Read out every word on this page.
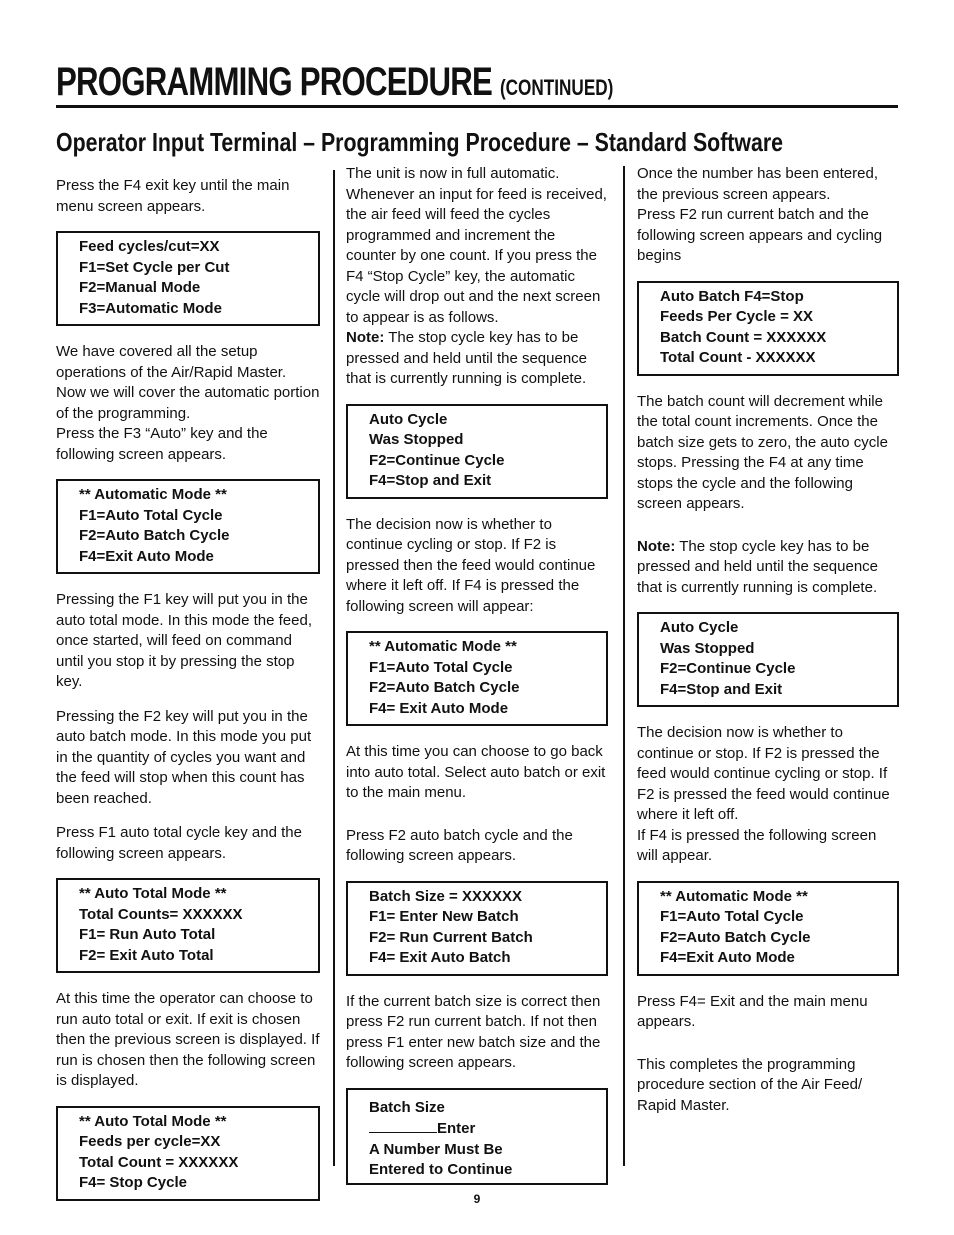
PROGRAMMING PROCEDURE (CONTINUED)
Operator Input Terminal – Programming Procedure – Standard Software

Press the F4 exit key until the main menu screen appears.

Feed cycles/cut=XX
F1=Set Cycle per Cut
F2=Manual Mode
F3=Automatic Mode

We have covered all the setup operations of the Air/Rapid Master. Now we will cover the automatic portion of the programming.

Press the F3 “Auto” key and the following screen appears.

** Automatic Mode **
F1=Auto Total Cycle
F2=Auto Batch Cycle
F4=Exit Auto Mode

Pressing the F1 key will put you in the auto total mode. In this mode the feed, once started, will feed on command until you stop it by pressing the stop key.

Pressing the F2 key will put you in the auto batch mode. In this mode you put in the quantity of cycles you want and the feed will stop when this count has been reached.

Press F1 auto total cycle key and the following screen appears.

** Auto Total Mode **
Total Counts= XXXXXX
F1= Run Auto Total
F2= Exit Auto Total

At this time the operator can choose to run auto total or exit. If exit is chosen then the previous screen is displayed. If run is chosen then the following screen is displayed.

** Auto Total Mode **
Feeds per cycle=XX
Total Count = XXXXXX
F4= Stop Cycle

The unit is now in full automatic. Whenever an input for feed is received, the air feed will feed the cycles programmed and increment the counter by one count. If you press the F4 “Stop Cycle” key, the automatic cycle will drop out and the next screen to appear is as follows.

Note: The stop cycle key has to be pressed and held until the sequence that is currently running is complete.

Auto Cycle
Was Stopped
F2=Continue Cycle
F4=Stop and Exit

The decision now is whether to continue cycling or stop. If F2 is pressed then the feed would continue where it left off. If F4 is pressed the following screen will appear:

** Automatic Mode **
F1=Auto Total Cycle
F2=Auto Batch Cycle
F4= Exit Auto Mode

At this time you can choose to go back into auto total. Select auto batch or exit to the main menu.

Press F2 auto batch cycle and the following screen appears.

Batch Size = XXXXXX
F1= Enter New Batch
F2= Run Current Batch
F4= Exit Auto Batch

If the current batch size is correct then press F2 run current batch. If not then press F1 enter new batch size and the following screen appears.

Batch Size
Enter
A Number Must Be
Entered to Continue

Once the number has been entered, the previous screen appears.

Press F2 run current batch and the following screen appears and cycling begins

Auto Batch F4=Stop
Feeds Per Cycle = XX
Batch Count = XXXXXX
Total Count - XXXXXX

The batch count will decrement while the total count increments. Once the batch size gets to zero, the auto cycle stops. Pressing the F4 at any time stops the cycle and the following screen appears.

Note: The stop cycle key has to be pressed and held until the sequence that is currently running is complete.

Auto Cycle
Was Stopped
F2=Continue Cycle
F4=Stop and Exit

The decision now is whether to continue or stop. If F2 is pressed the feed would continue cycling or stop. If F2 is pressed the feed would continue where it left off.

If F4 is pressed the following screen will appear.

** Automatic Mode **
F1=Auto Total Cycle
F2=Auto Batch Cycle
F4=Exit Auto Mode

Press F4= Exit and the main menu appears.

This completes the programming procedure section of the Air Feed/ Rapid Master.

9
